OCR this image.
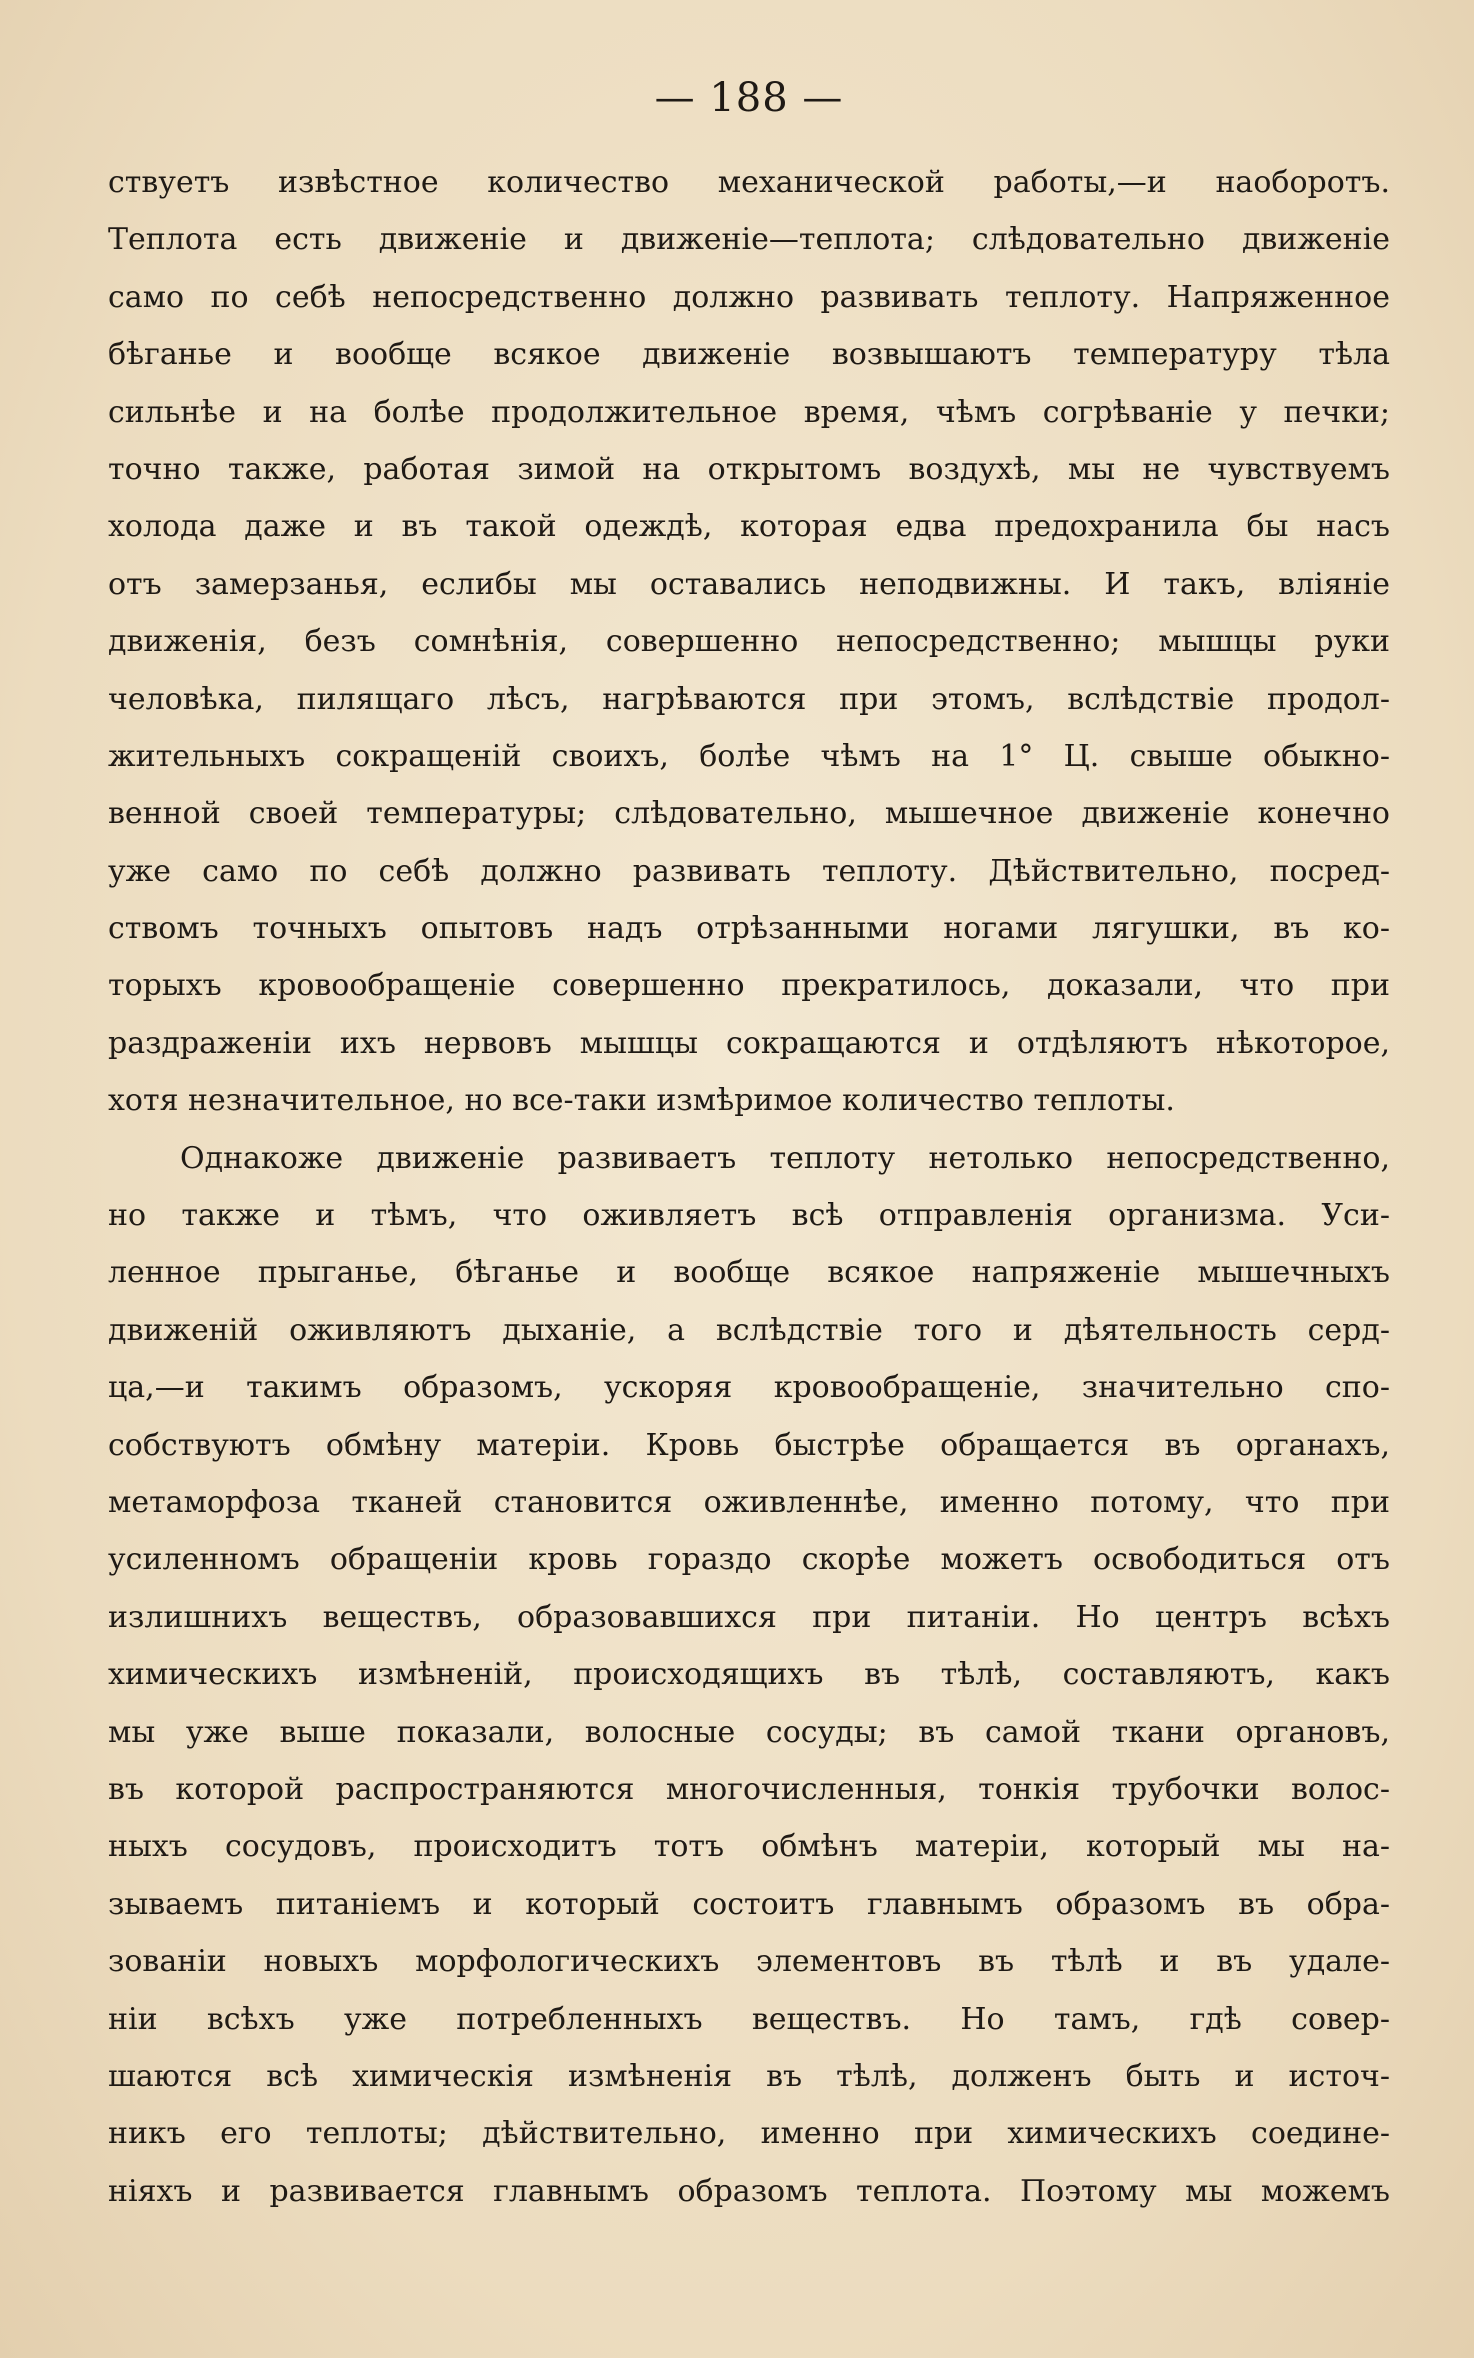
— 188 —
ствуетъ извѣстное количество механической работы,—и наоборотъ.
Теплота есть движеніе и движеніе—теплота; слѣдовательно движеніе
само по себѣ непосредственно должно развивать теплоту. Напряженное
бѣганье и вообще всякое движеніе возвышаютъ температуру тѣла
сильнѣе и на болѣе продолжительное время, чѣмъ согрѣваніе у печки;
точно также, работая зимой на открытомъ воздухѣ, мы не чувствуемъ
холода даже и въ такой одеждѣ, которая едва предохранила бы насъ
отъ замерзанья, еслибы мы оставались неподвижны. И такъ, вліяніе
движенія, безъ сомнѣнія, совершенно непосредственно; мышцы руки
человѣка, пилящаго лѣсъ, нагрѣваются при этомъ, вслѣдствіе продол-
жительныхъ сокращеній своихъ, болѣе чѣмъ на 1° Ц. свыше обыкно-
венной своей температуры; слѣдовательно, мышечное движеніе конечно
уже само по себѣ должно развивать теплоту. Дѣйствительно, посред-
ствомъ точныхъ опытовъ надъ отрѣзанными ногами лягушки, въ ко-
торыхъ кровообращеніе совершенно прекратилось, доказали, что при
раздраженіи ихъ нервовъ мышцы сокращаются и отдѣляютъ нѣкоторое,
хотя незначительное, но все-таки измѣримое количество теплоты.
Однакоже движеніе развиваетъ теплоту нетолько непосредственно,
но также и тѣмъ, что оживляетъ всѣ отправленія организма. Уси-
ленное прыганье, бѣганье и вообще всякое напряженіе мышечныхъ
движеній оживляютъ дыханіе, а вслѣдствіе того и дѣятельность серд-
ца,—и такимъ образомъ, ускоряя кровообращеніе, значительно спо-
собствуютъ обмѣну матеріи. Кровь быстрѣе обращается въ органахъ,
метаморфоза тканей становится оживленнѣе, именно потому, что при
усиленномъ обращеніи кровь гораздо скорѣе можетъ освободиться отъ
излишнихъ веществъ, образовавшихся при питаніи. Но центръ всѣхъ
химическихъ измѣненій, происходящихъ въ тѣлѣ, составляютъ, какъ
мы уже выше показали, волосные сосуды; въ самой ткани органовъ,
въ которой распространяются многочисленныя, тонкія трубочки волос-
ныхъ сосудовъ, происходитъ тотъ обмѣнъ матеріи, который мы на-
зываемъ питаніемъ и который состоитъ главнымъ образомъ въ обра-
зованіи новыхъ морфологическихъ элементовъ въ тѣлѣ и въ удале-
ніи всѣхъ уже потребленныхъ веществъ. Но тамъ, гдѣ совер-
шаются всѣ химическія измѣненія въ тѣлѣ, долженъ быть и источ-
никъ его теплоты; дѣйствительно, именно при химическихъ соедине-
ніяхъ и развивается главнымъ образомъ теплота. Поэтому мы можемъ
